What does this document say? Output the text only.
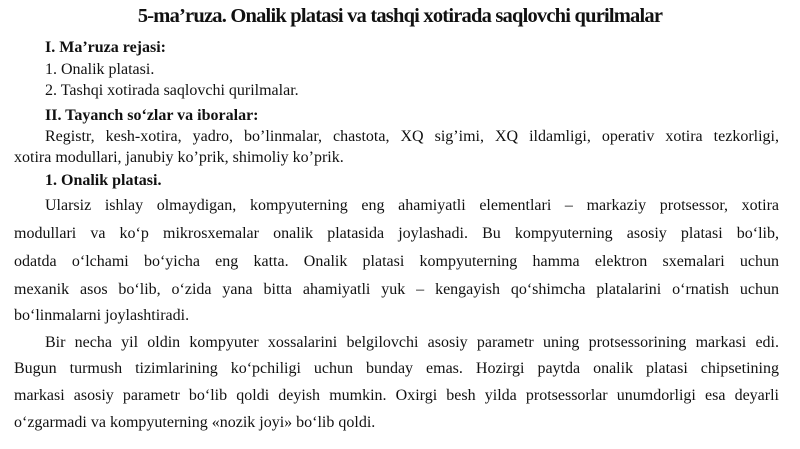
5-ma’ruza. Onalik platasi va tashqi xotirada saqlovchi qurilmalar
I. Ma’ruza rejasi:
1. Onalik platasi.
2. Tashqi xotirada saqlovchi qurilmalar.
II. Tayanch so‘zlar va iboralar:
Registr, kesh-xotira, yadro, bo’linmalar, chastota, XQ sig’imi, XQ ildamligi, operativ xotira tezkorligi,
xotira modullari, janubiy ko’prik, shimoliy ko’prik.
1. Onalik platasi.
Ularsiz ishlay olmaydigan, kompyuterning eng ahamiyatli elementlari – markaziy protsessor, xotira
modullari va ko‘p mikrosxemalar onalik platasida joylashadi. Bu kompyuterning asosiy platasi bo‘lib,
odatda o‘lchami bo‘yicha eng katta. Onalik platasi kompyuterning hamma elektron sxemalari uchun
mexanik asos bo‘lib, o‘zida yana bitta ahamiyatli yuk – kengayish qo‘shimcha platalarini o‘rnatish uchun
bo‘linmalarni joylashtiradi.
Bir necha yil oldin kompyuter xossalarini belgilovchi asosiy parametr uning protsessorining markasi edi.
Bugun turmush tizimlarining ko‘pchiligi uchun bunday emas. Hozirgi paytda onalik platasi chipsetining
markasi asosiy parametr bo‘lib qoldi deyish mumkin. Oxirgi besh yilda protsessorlar unumdorligi esa deyarli
o‘zgarmadi va kompyuterning «nozik joyi» bo‘lib qoldi.
